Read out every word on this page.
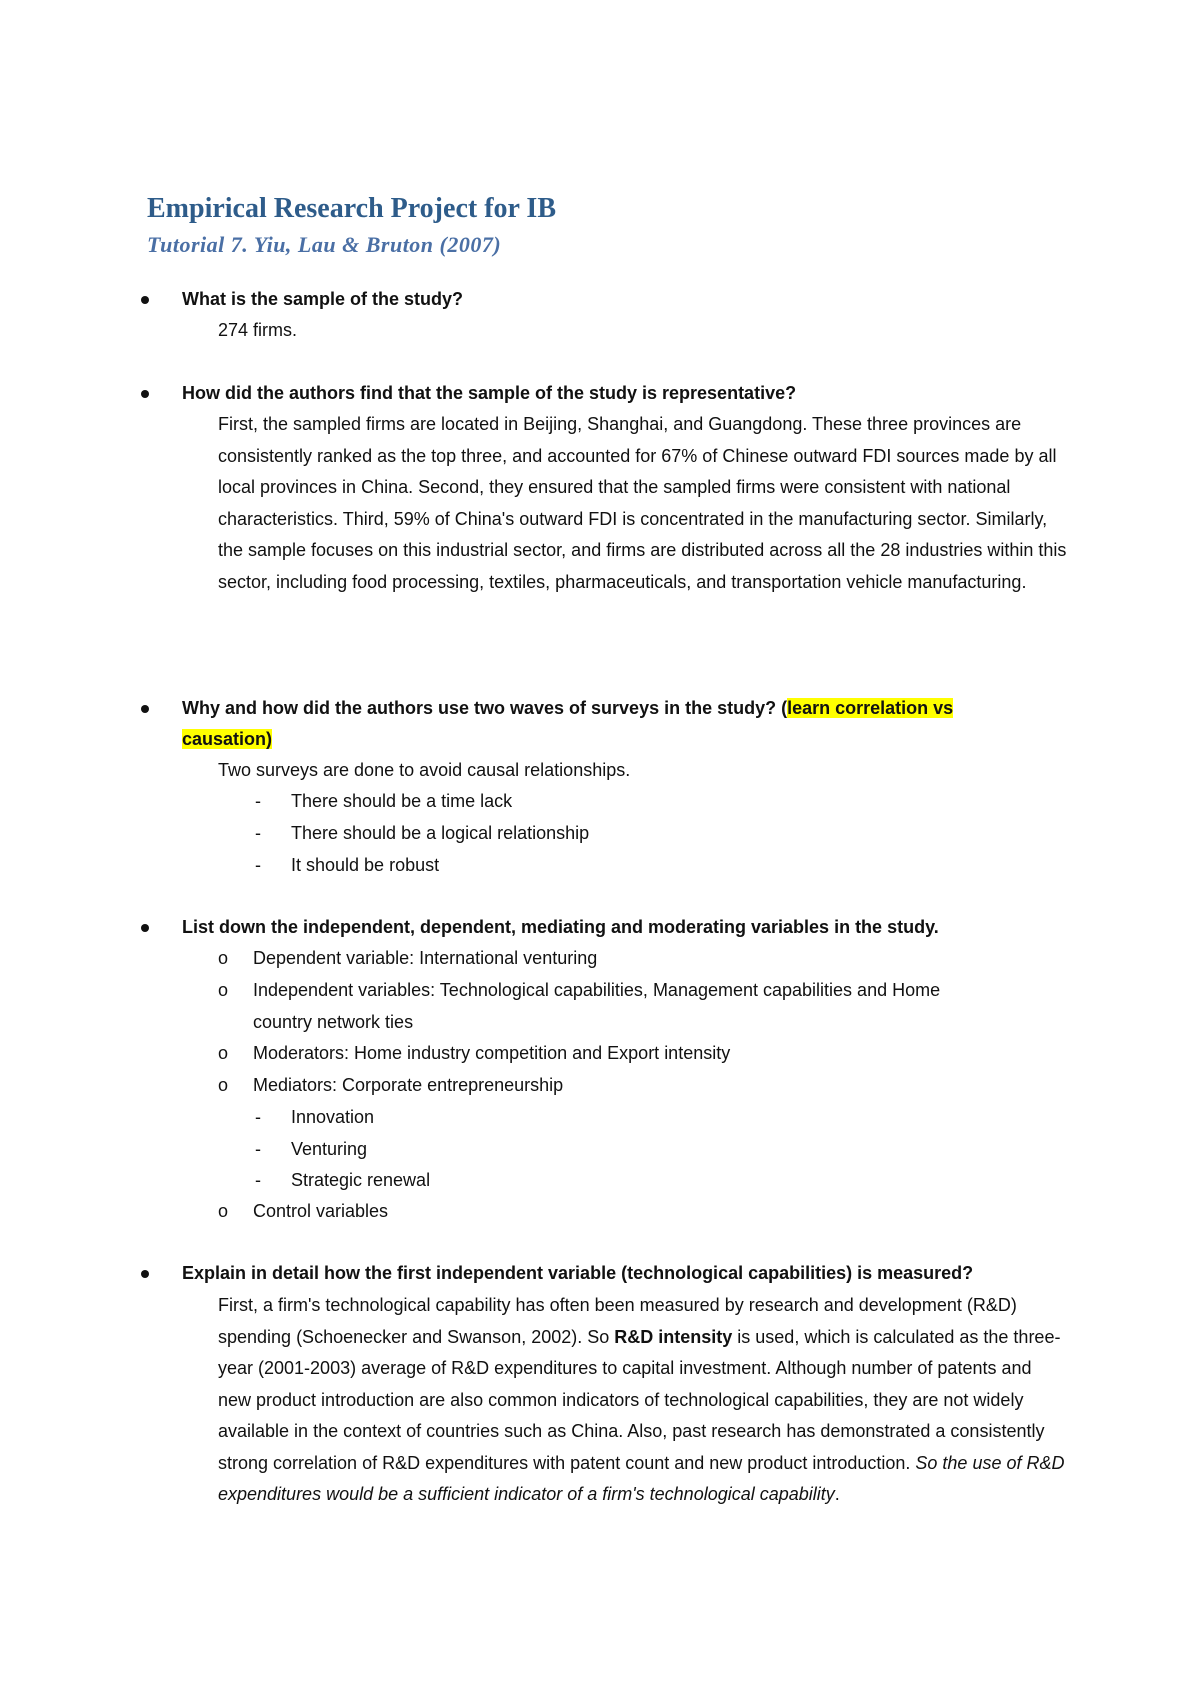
Empirical Research Project for IB
Tutorial 7. Yiu, Lau & Bruton (2007)

What is the sample of the study?

274 firms.

How did the authors find that the sample of the study is representative?

First, the sampled firms are located in Beijing, Shanghai, and Guangdong. These three provinces are consistently ranked as the top three, and accounted for 67% of Chinese outward FDI sources made by all local provinces in China. Second, they ensured that the sampled firms were consistent with national characteristics. Third, 59% of China's outward FDI is concentrated in the manufacturing sector. Similarly, the sample focuses on this industrial sector, and firms are distributed across all the 28 industries within this sector, including food processing, textiles, pharmaceuticals, and transportation vehicle manufacturing.

Why and how did the authors use two waves of surveys in the study? (learn correlation vs causation)

Two surveys are done to avoid causal relationships.

- There should be a time lack
- There should be a logical relationship
- It should be robust

List down the independent, dependent, mediating and moderating variables in the study.

o Dependent variable: International venturing
o Independent variables: Technological capabilities, Management capabilities and Home
country network ties
o Moderators: Home industry competition and Export intensity
o Mediators: Corporate entrepreneurship
- Innovation
- Venturing
- Strategic renewal
o Control variables

Explain in detail how the first independent variable (technological capabilities) is measured?

First, a firm's technological capability has often been measured by research and development (R&D) spending (Schoenecker and Swanson, 2002). So R&D intensity is used, which is calculated as the three-year (2001-2003) average of R&D expenditures to capital investment. Although number of patents and new product introduction are also common indicators of technological capabilities, they are not widely available in the context of countries such as China. Also, past research has demonstrated a consistently strong correlation of R&D expenditures with patent count and new product introduction. So the use of R&D expenditures would be a sufficient indicator of a firm's technological capability.
